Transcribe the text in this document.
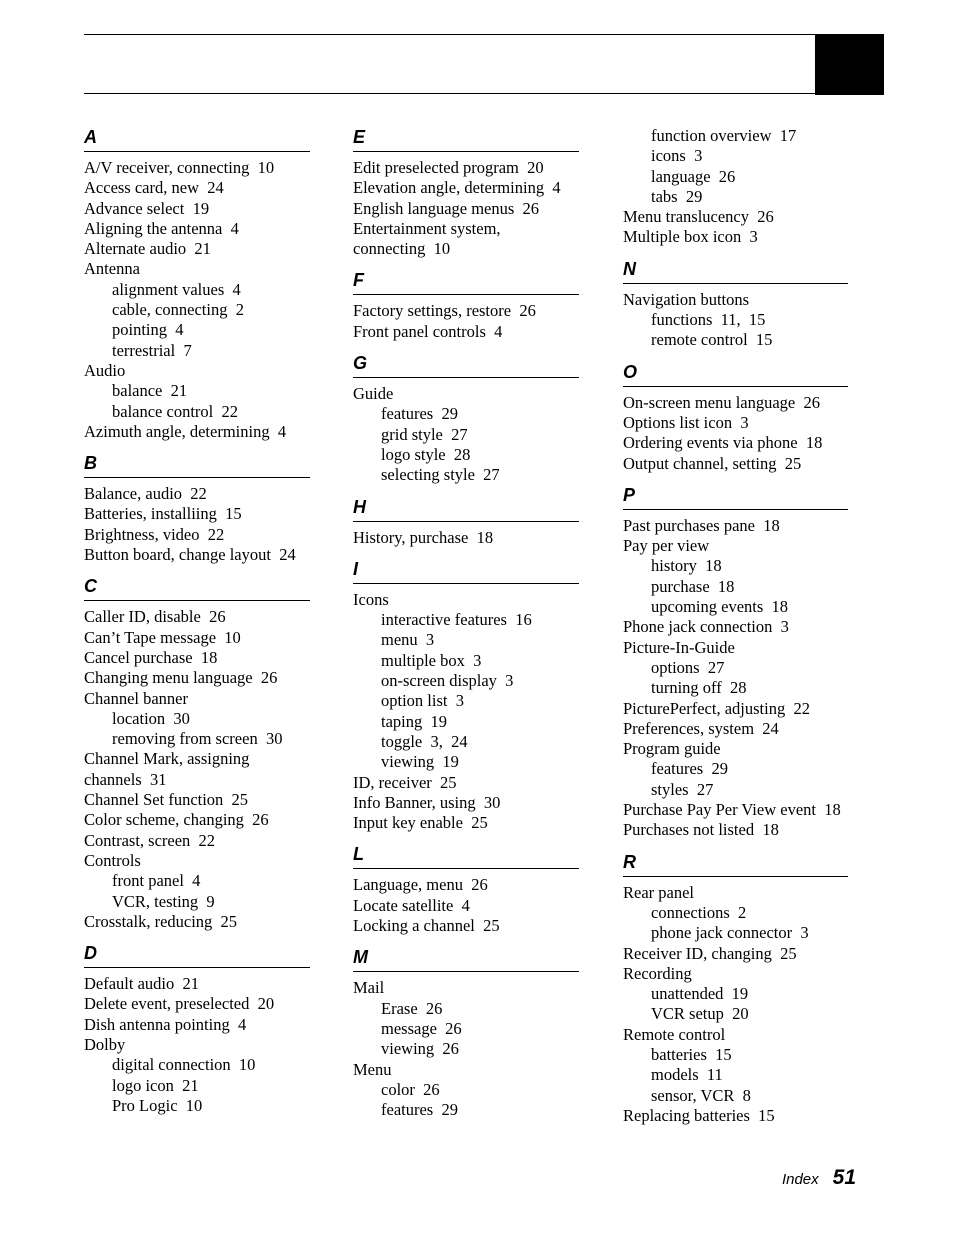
A
A/V receiver, connecting  10
Access card, new  24
Advance select  19
Aligning the antenna  4
Alternate audio  21
Antenna
alignment values  4
cable, connecting  2
pointing  4
terrestrial  7
Audio
balance  21
balance control  22
Azimuth angle, determining  4
B
Balance, audio  22
Batteries, installiing  15
Brightness, video  22
Button board, change layout  24
C
Caller ID, disable  26
Can’t Tape message  10
Cancel purchase  18
Changing menu language  26
Channel banner
location  30
removing from screen  30
Channel Mark, assigning
channels  31
Channel Set function  25
Color scheme, changing  26
Contrast, screen  22
Controls
front panel  4
VCR, testing  9
Crosstalk, reducing  25
D
Default audio  21
Delete event, preselected  20
Dish antenna pointing  4
Dolby
digital connection  10
logo icon  21
Pro Logic  10
E
Edit preselected program  20
Elevation angle, determining  4
English language menus  26
Entertainment system,
connecting  10
F
Factory settings, restore  26
Front panel controls  4
G
Guide
features  29
grid style  27
logo style  28
selecting style  27
H
History, purchase  18
I
Icons
interactive features  16
menu  3
multiple box  3
on-screen display  3
option list  3
taping  19
toggle  3,  24
viewing  19
ID, receiver  25
Info Banner, using  30
Input key enable  25
L
Language, menu  26
Locate satellite  4
Locking a channel  25
M
Mail
Erase  26
message  26
viewing  26
Menu
color  26
features  29
function overview  17
icons  3
language  26
tabs  29
Menu translucency  26
Multiple box icon  3
N
Navigation buttons
functions  11,  15
remote control  15
O
On-screen menu language  26
Options list icon  3
Ordering events via phone  18
Output channel, setting  25
P
Past purchases pane  18
Pay per view
history  18
purchase  18
upcoming events  18
Phone jack connection  3
Picture-In-Guide
options  27
turning off  28
PicturePerfect, adjusting  22
Preferences, system  24
Program guide
features  29
styles  27
Purchase Pay Per View event  18
Purchases not listed  18
R
Rear panel
connections  2
phone jack connector  3
Receiver ID, changing  25
Recording
unattended  19
VCR setup  20
Remote control
batteries  15
models  11
sensor, VCR  8
Replacing batteries  15
Index 51
